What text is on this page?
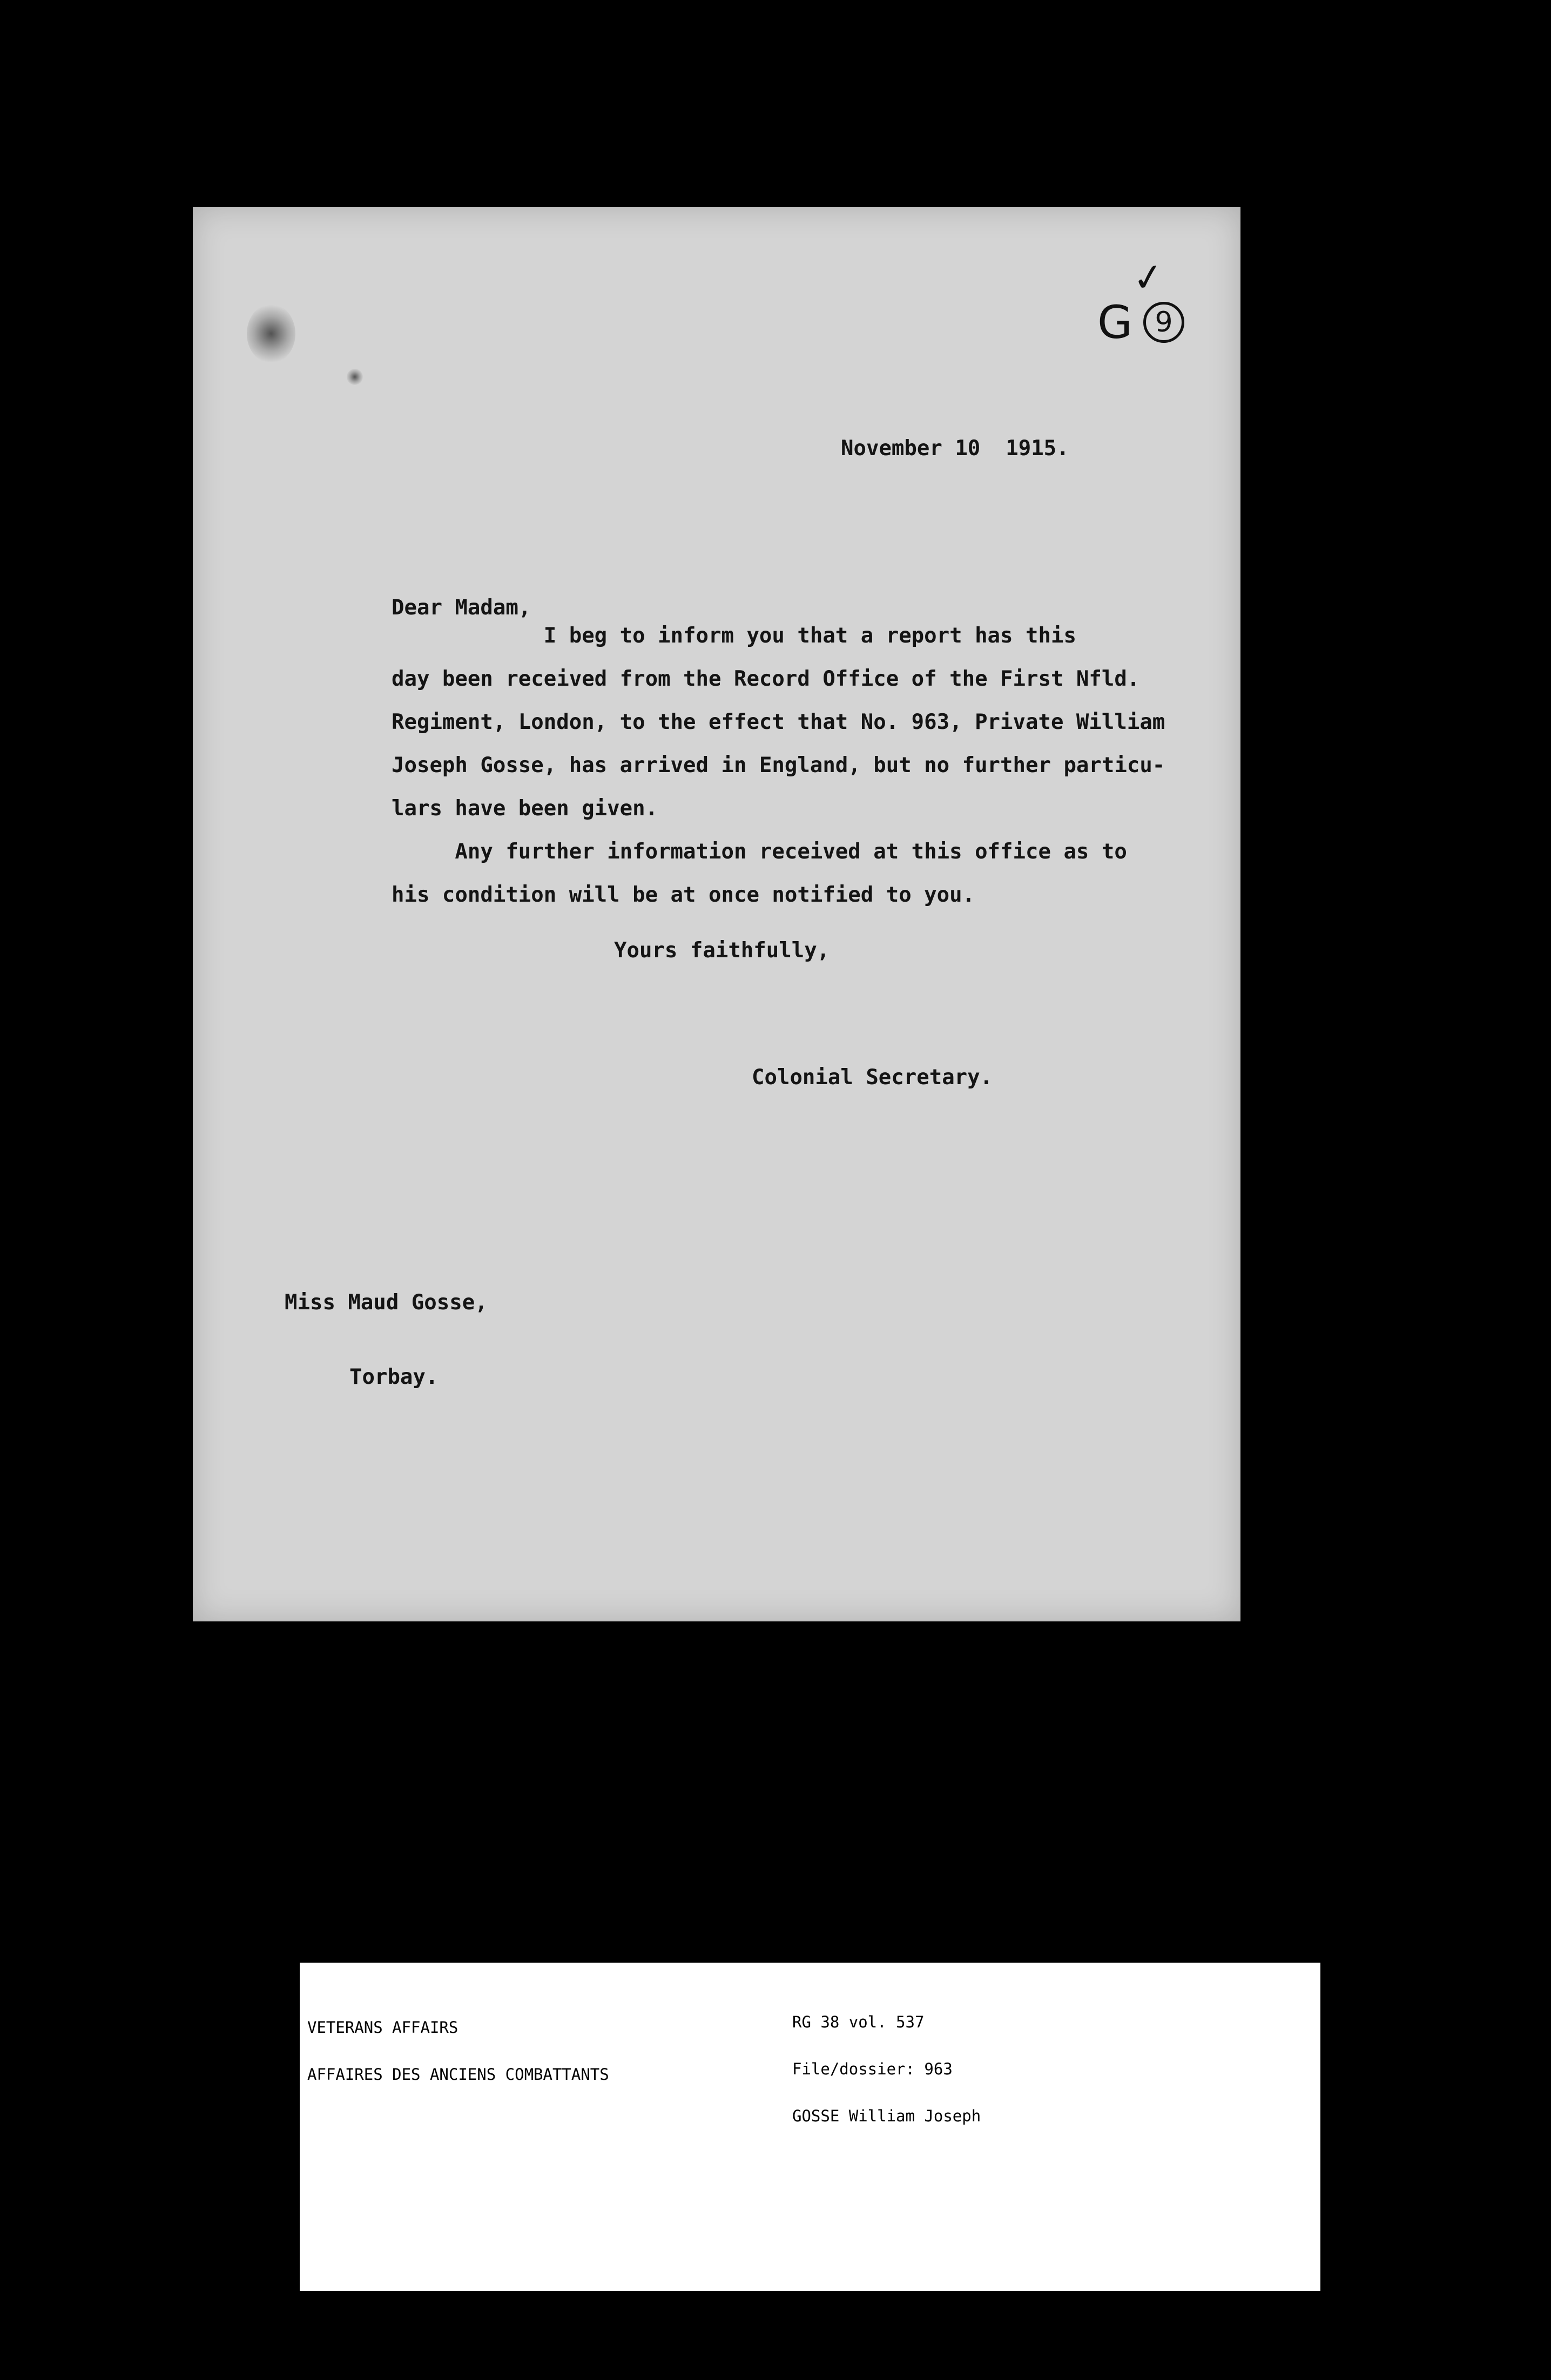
✓
G 9
November 10  1915.
Dear Madam,

I beg to inform you that a report has this

day been received from the Record Office of the First Nfld.

Regiment, London, to the effect that No. 963, Private William

Joseph Gosse, has arrived in England, but no further particu-

lars have been given.

Any further information received at this office as to

his condition will be at once notified to you.

Yours faithfully,
Colonial Secretary.

Miss Maud Gosse,

Torbay.

VETERANS AFFAIRS

AFFAIRES DES ANCIENS COMBATTANTS

RG 38 vol. 537

File/dossier: 963

GOSSE William Joseph
